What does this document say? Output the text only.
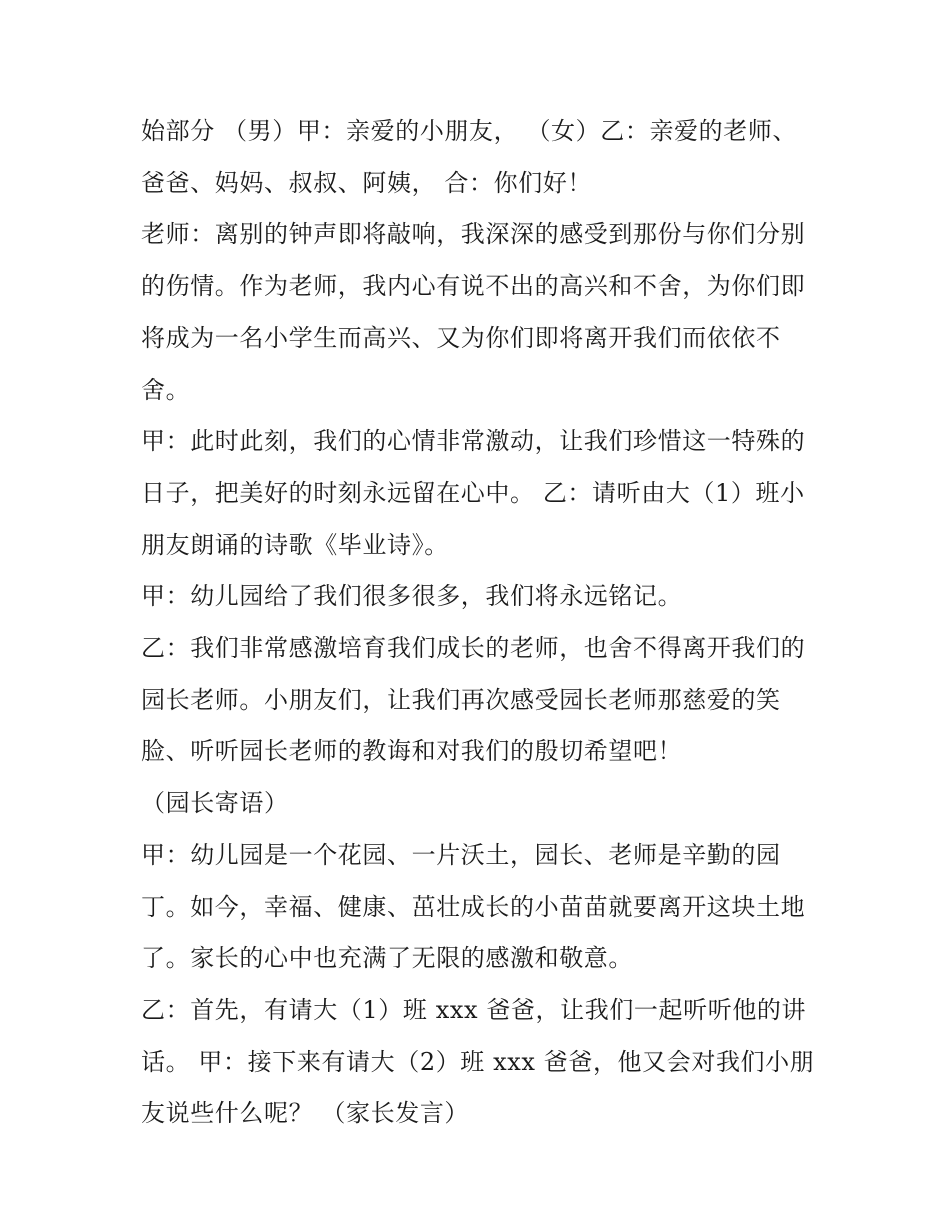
始部分 （男）甲：亲爱的小朋友， （女）乙：亲爱的老师、爸爸、妈妈、叔叔、阿姨， 合：你们好！

老师：离别的钟声即将敲响，我深深的感受到那份与你们分别的伤情。作为老师，我内心有说不出的高兴和不舍，为你们即将成为一名小学生而高兴、又为你们即将离开我们而依依不舍。

甲：此时此刻，我们的心情非常激动，让我们珍惜这一特殊的日子，把美好的时刻永远留在心中。 乙：请听由大（1）班小朋友朗诵的诗歌《毕业诗》。

甲：幼儿园给了我们很多很多，我们将永远铭记。

乙：我们非常感激培育我们成长的老师，也舍不得离开我们的园长老师。小朋友们，让我们再次感受园长老师那慈爱的笑脸、听听园长老师的教诲和对我们的殷切希望吧！

（园长寄语）

甲：幼儿园是一个花园、一片沃土，园长、老师是辛勤的园丁。如今，幸福、健康、茁壮成长的小苗苗就要离开这块土地了。家长的心中也充满了无限的感激和敬意。

乙：首先，有请大（1）班 xxx 爸爸，让我们一起听听他的讲话。 甲：接下来有请大（2）班 xxx 爸爸，他又会对我们小朋友说些什么呢？ （家长发言）
